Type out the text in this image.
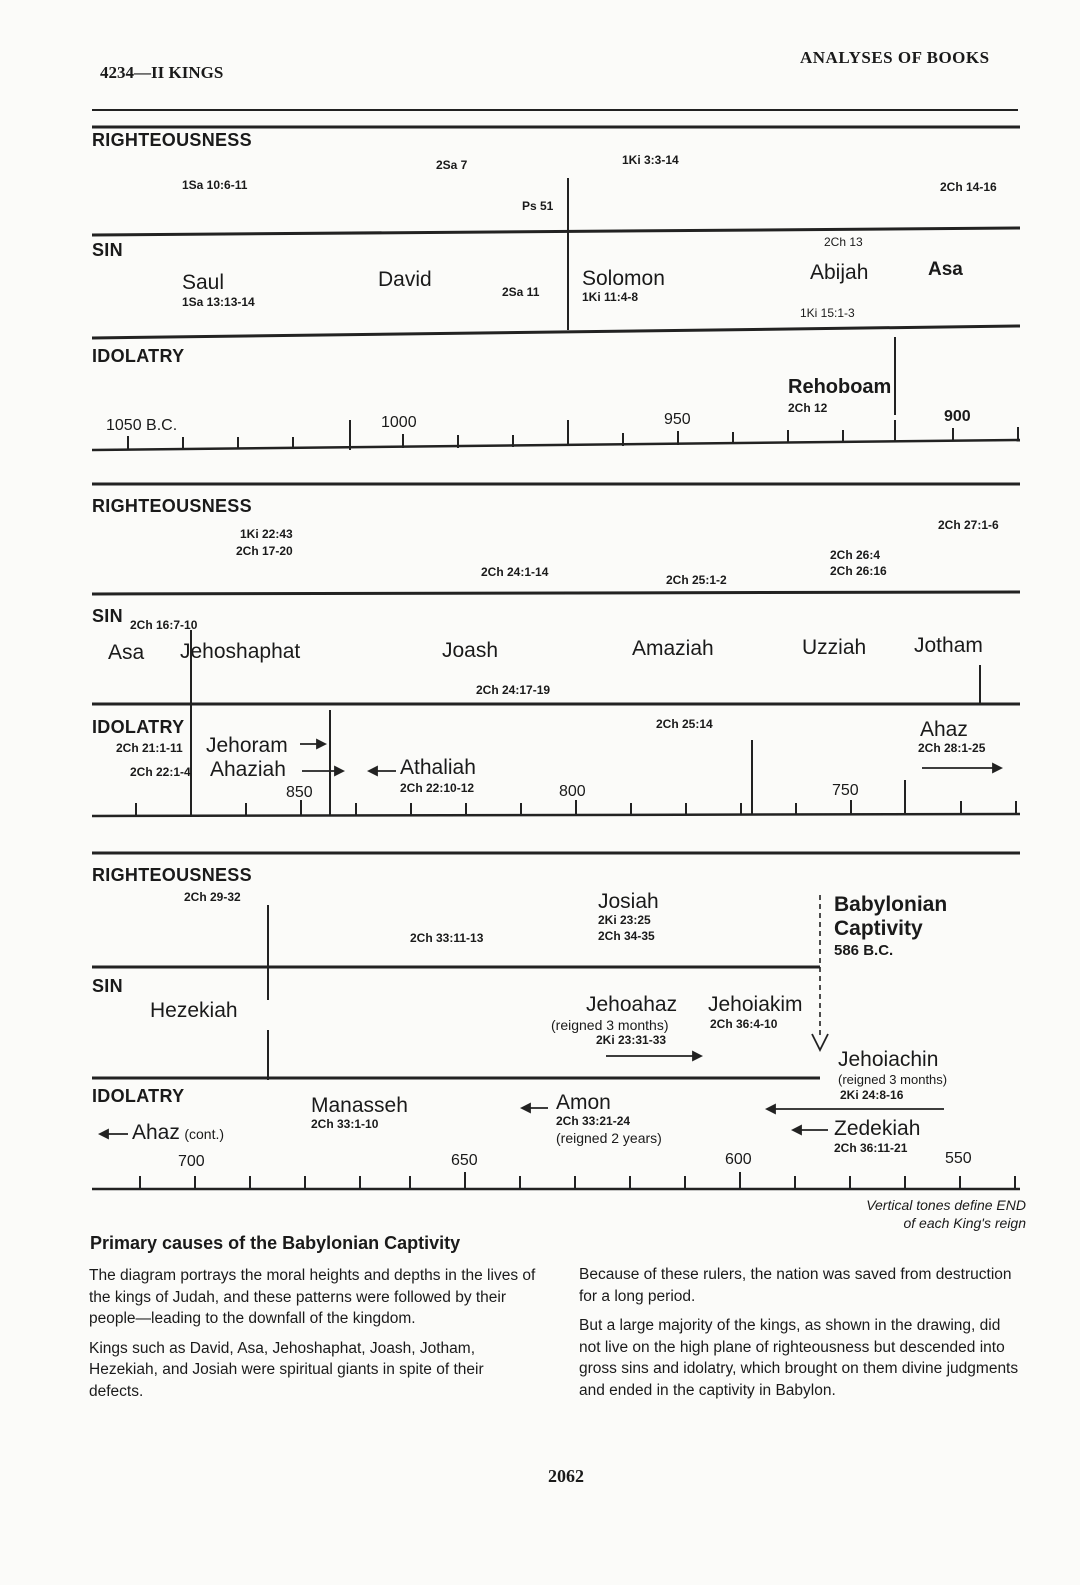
4234—II KINGS
ANALYSES OF BOOKS
RIGHTEOUSNESS
SIN
IDOLATRY
1Sa 10:6-11
2Sa 7
Ps 51
1Ki 3:3-14
2Ch 14-16
2Ch 13
Saul
1Sa 13:13-14
David
2Sa 11
Solomon
1Ki 11:4-8
Abijah	Asa
1Ki 15:1-3
Rehoboam
2Ch 12
1050 B.C.	1000	950	900
RIGHTEOUSNESS
SIN
IDOLATRY
1Ki 22:43
2Ch 17-20
2Ch 24:1-14
2Ch 25:1-2
2Ch 26:4
2Ch 26:16
2Ch 27:1-6
2Ch 16:7-10
Asa Jehoshaphat	Joash	Amaziah	Uzziah Jotham
2Ch 24:17-19
2Ch 25:14
2Ch 21:1-11 Jehoram
2Ch 22:1-4 Ahaziah	Athaliah
2Ch 22:10-12
Ahaz
2Ch 28:1-25
850	800	750
RIGHTEOUSNESS
SIN
IDOLATRY
2Ch 29-32
2Ch 33:11-13
Josiah
2Ki 23:25
2Ch 34-35
Babylonian
Captivity
586 B.C.
Hezekiah	Jehoahaz
(reigned 3 months)
2Ki 23:31-33
Jehoiakim
2Ch 36:4-10
Jehoiachin
(reigned 3 months)
2Ki 24:8-16
Manasseh
2Ch 33:1-10
Amon
2Ch 33:21-24
(reigned 2 years)
Ahaz (cont.)	Zedekiah
2Ch 36:11-21
700	650	600	550
Vertical tones define END
of each King's reign
Primary causes of the Babylonian Captivity

The diagram portrays the moral heights and depths in the lives of the kings of Judah, and these patterns were followed by their people—leading to the downfall of the kingdom.

Kings such as David, Asa, Jehoshaphat, Joash, Jotham, Hezekiah, and Josiah were spiritual giants in spite of their defects.

Because of these rulers, the nation was saved from destruction for a long period.

But a large majority of the kings, as shown in the drawing, did not live on the high plane of righteousness but descended into gross sins and idolatry, which brought on them divine judgments and ended in the captivity in Babylon.

2062
